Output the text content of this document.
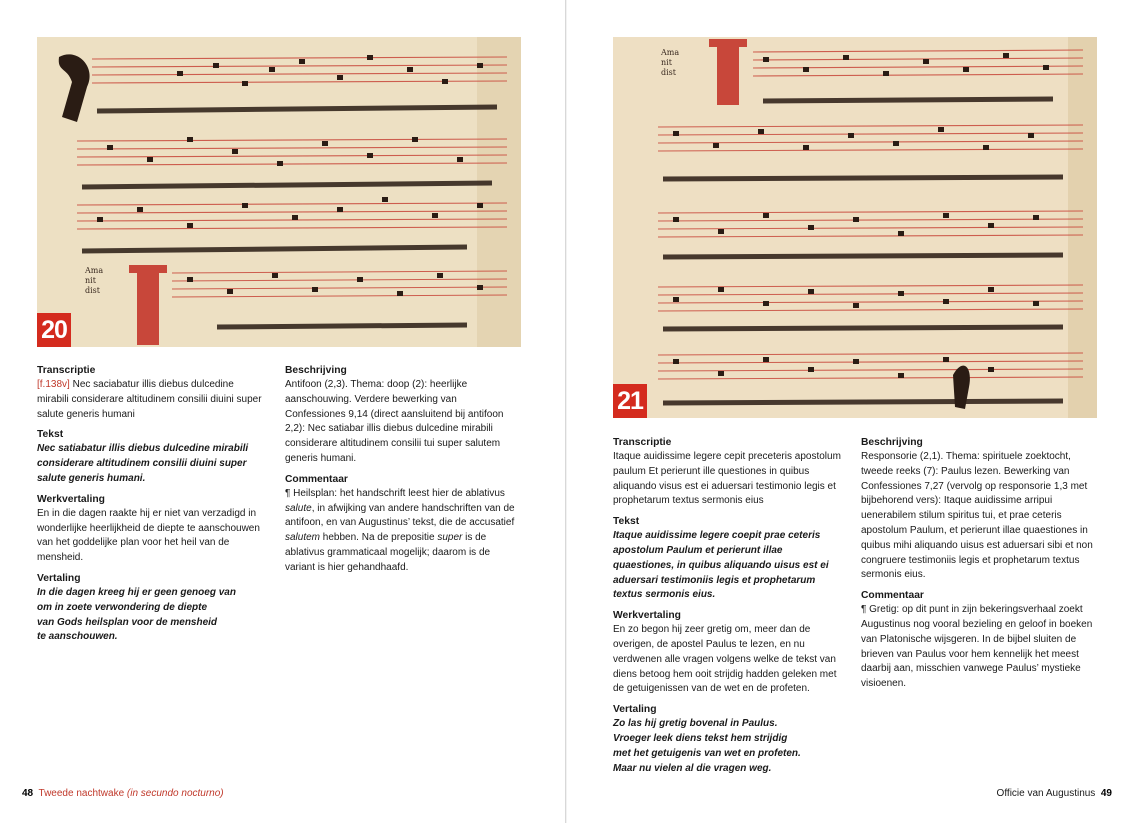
Ama
nit
dist
20
Transcriptie

[f.138v] Nec saciabatur illis diebus dulcedine mirabili considerare altitudinem consilii diuini super salute generis humani

Tekst

Nec satiabatur illis diebus dulcedine mirabili considerare altitudinem consilii diuini super salute generis humani.

Werkvertaling

En in die dagen raakte hij er niet van verzadigd in wonderlijke heerlijkheid de diepte te aanschouwen van het goddelijke plan voor het heil van de mensheid.

Vertaling

In die dagen kreeg hij er geen genoeg van
om in zoete verwondering de diepte
van Gods heilsplan voor de mensheid
te aanschouwen.

Beschrijving

Antifoon (2,3). Thema: doop (2): heerlijke aanschouwing. Verdere bewerking van Confessiones 9,14 (direct aansluitend bij antifoon 2,2): Nec satiabar illis diebus dulcedine mirabili considerare altitudinem consilii tui super salutem generis humani.

Commentaar

¶ Heilsplan: het handschrift leest hier de ablativus salute, in afwijking van andere handschriften van de antifoon, en van Augustinus’ tekst, die de accusatief salutem hebben. Na de prepositie super is de ablativus grammaticaal mogelijk; daarom is de variant is hier gehandhaafd.

48 Tweede nachtwake (in secundo nocturno)
Ama
nit
dist
21
Transcriptie

Itaque auidissime legere cepit preceteris apostolum paulum Et perierunt ille questiones in quibus aliquando visus est ei aduersari testimonio legis et prophetarum textus sermonis eius

Tekst

Itaque auidissime legere coepit prae ceteris apostolum Paulum et perierunt illae quaestiones, in quibus aliquando uisus est ei aduersari testimoniis legis et prophetarum textus sermonis eius.

Werkvertaling

En zo begon hij zeer gretig om, meer dan de overigen, de apostel Paulus te lezen, en nu verdwenen alle vragen volgens welke de tekst van diens betoog hem ooit strijdig hadden geleken met de getuigenissen van de wet en de profeten.

Vertaling

Zo las hij gretig bovenal in Paulus.
Vroeger leek diens tekst hem strijdig
met het getuigenis van wet en profeten.
Maar nu vielen al die vragen weg.

Beschrijving

Responsorie (2,1). Thema: spirituele zoektocht, tweede reeks (7): Paulus lezen. Bewerking van Confessiones 7,27 (vervolg op responsorie 1,3 met bijbehorend vers): Itaque auidissime arripui uenerabilem stilum spiritus tui, et prae ceteris apostolum Paulum, et perierunt illae quaestiones in quibus mihi aliquando uisus est aduersari sibi et non congruere testimoniis legis et prophetarum textus sermonis eius.

Commentaar

¶ Gretig: op dit punt in zijn bekeringsverhaal zoekt Augustinus nog vooral bezieling en geloof in boeken van Platonische wijsgeren. In de bijbel sluiten de brieven van Paulus voor hem kennelijk het meest daarbij aan, misschien vanwege Paulus’ mystieke visioenen.

Officie van Augustinus 49
